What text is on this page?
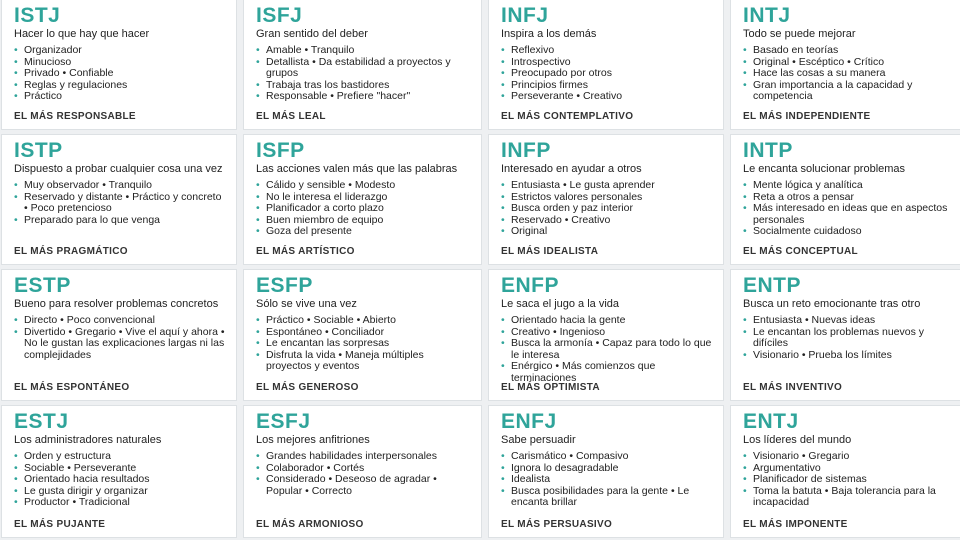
ISTJ
Hacer lo que hay que hacer
• Organizador
• Minucioso
• Privado • Confiable
• Reglas y regulaciones
• Práctico
EL MÁS RESPONSABLE
ISFJ
Gran sentido del deber
• Amable • Tranquilo
• Detallista • Da estabilidad a proyectos y grupos
• Trabaja tras los bastidores
• Responsable • Prefiere "hacer"
EL MÁS LEAL
INFJ
Inspira a los demás
• Reflexivo
• Introspectivo
• Preocupado por otros
• Principios firmes
• Perseverante • Creativo
EL MÁS CONTEMPLATIVO
INTJ
Todo se puede mejorar
• Basado en teorías
• Original • Escéptico • Crítico
• Hace las cosas a su manera
• Gran importancia a la capacidad y competencia
EL MÁS INDEPENDIENTE
ISTP
Dispuesto a probar cualquier cosa una vez
• Muy observador • Tranquilo
• Reservado y distante • Práctico y concreto • Poco pretencioso
• Preparado para lo que venga
EL MÁS PRAGMÁTICO
ISFP
Las acciones valen más que las palabras
• Cálido y sensible • Modesto
• No le interesa el liderazgo
• Planificador a corto plazo
• Buen miembro de equipo
• Goza del presente
EL MÁS ARTÍSTICO
INFP
Interesado en ayudar a otros
• Entusiasta • Le gusta aprender
• Estrictos valores personales
• Busca orden y paz interior
• Reservado • Creativo
• Original
EL MÁS IDEALISTA
INTP
Le encanta solucionar problemas
• Mente lógica y analítica
• Reta a otros a pensar
• Más interesado en ideas que en aspectos personales
• Socialmente cuidadoso
EL MÁS CONCEPTUAL
ESTP
Bueno para resolver problemas concretos
• Directo • Poco convencional
• Divertido • Gregario • Vive el aquí y ahora • No le gustan las explicaciones largas ni las complejidades
EL MÁS ESPONTÁNEO
ESFP
Sólo se vive una vez
• Práctico • Sociable • Abierto
• Espontáneo • Conciliador
• Le encantan las sorpresas
• Disfruta la vida • Maneja múltiples proyectos y eventos
EL MÁS GENEROSO
ENFP
Le saca el jugo a la vida
• Orientado hacia la gente
• Creativo • Ingenioso
• Busca la armonía • Capaz para todo lo que le interesa
• Enérgico • Más comienzos que terminaciones
EL MÁS OPTIMISTA
ENTP
Busca un reto emocionante tras otro
• Entusiasta • Nuevas ideas
• Le encantan los problemas nuevos y difíciles
• Visionario • Prueba los límites
EL MÁS INVENTIVO
ESTJ
Los administradores naturales
• Orden y estructura
• Sociable • Perseverante
• Orientado hacia resultados
• Le gusta dirigir y organizar
• Productor • Tradicional
EL MÁS PUJANTE
ESFJ
Los mejores anfitriones
• Grandes habilidades interpersonales
• Colaborador • Cortés
• Considerado • Deseoso de agradar • Popular • Correcto
EL MÁS ARMONIOSO
ENFJ
Sabe persuadir
• Carismático • Compasivo
• Ignora lo desagradable
• Idealista
• Busca posibilidades para la gente • Le encanta brillar
EL MÁS PERSUASIVO
ENTJ
Los líderes del mundo
• Visionario • Gregario
• Argumentativo
• Planificador de sistemas
• Toma la batuta • Baja tolerancia para la incapacidad
EL MÁS IMPONENTE
